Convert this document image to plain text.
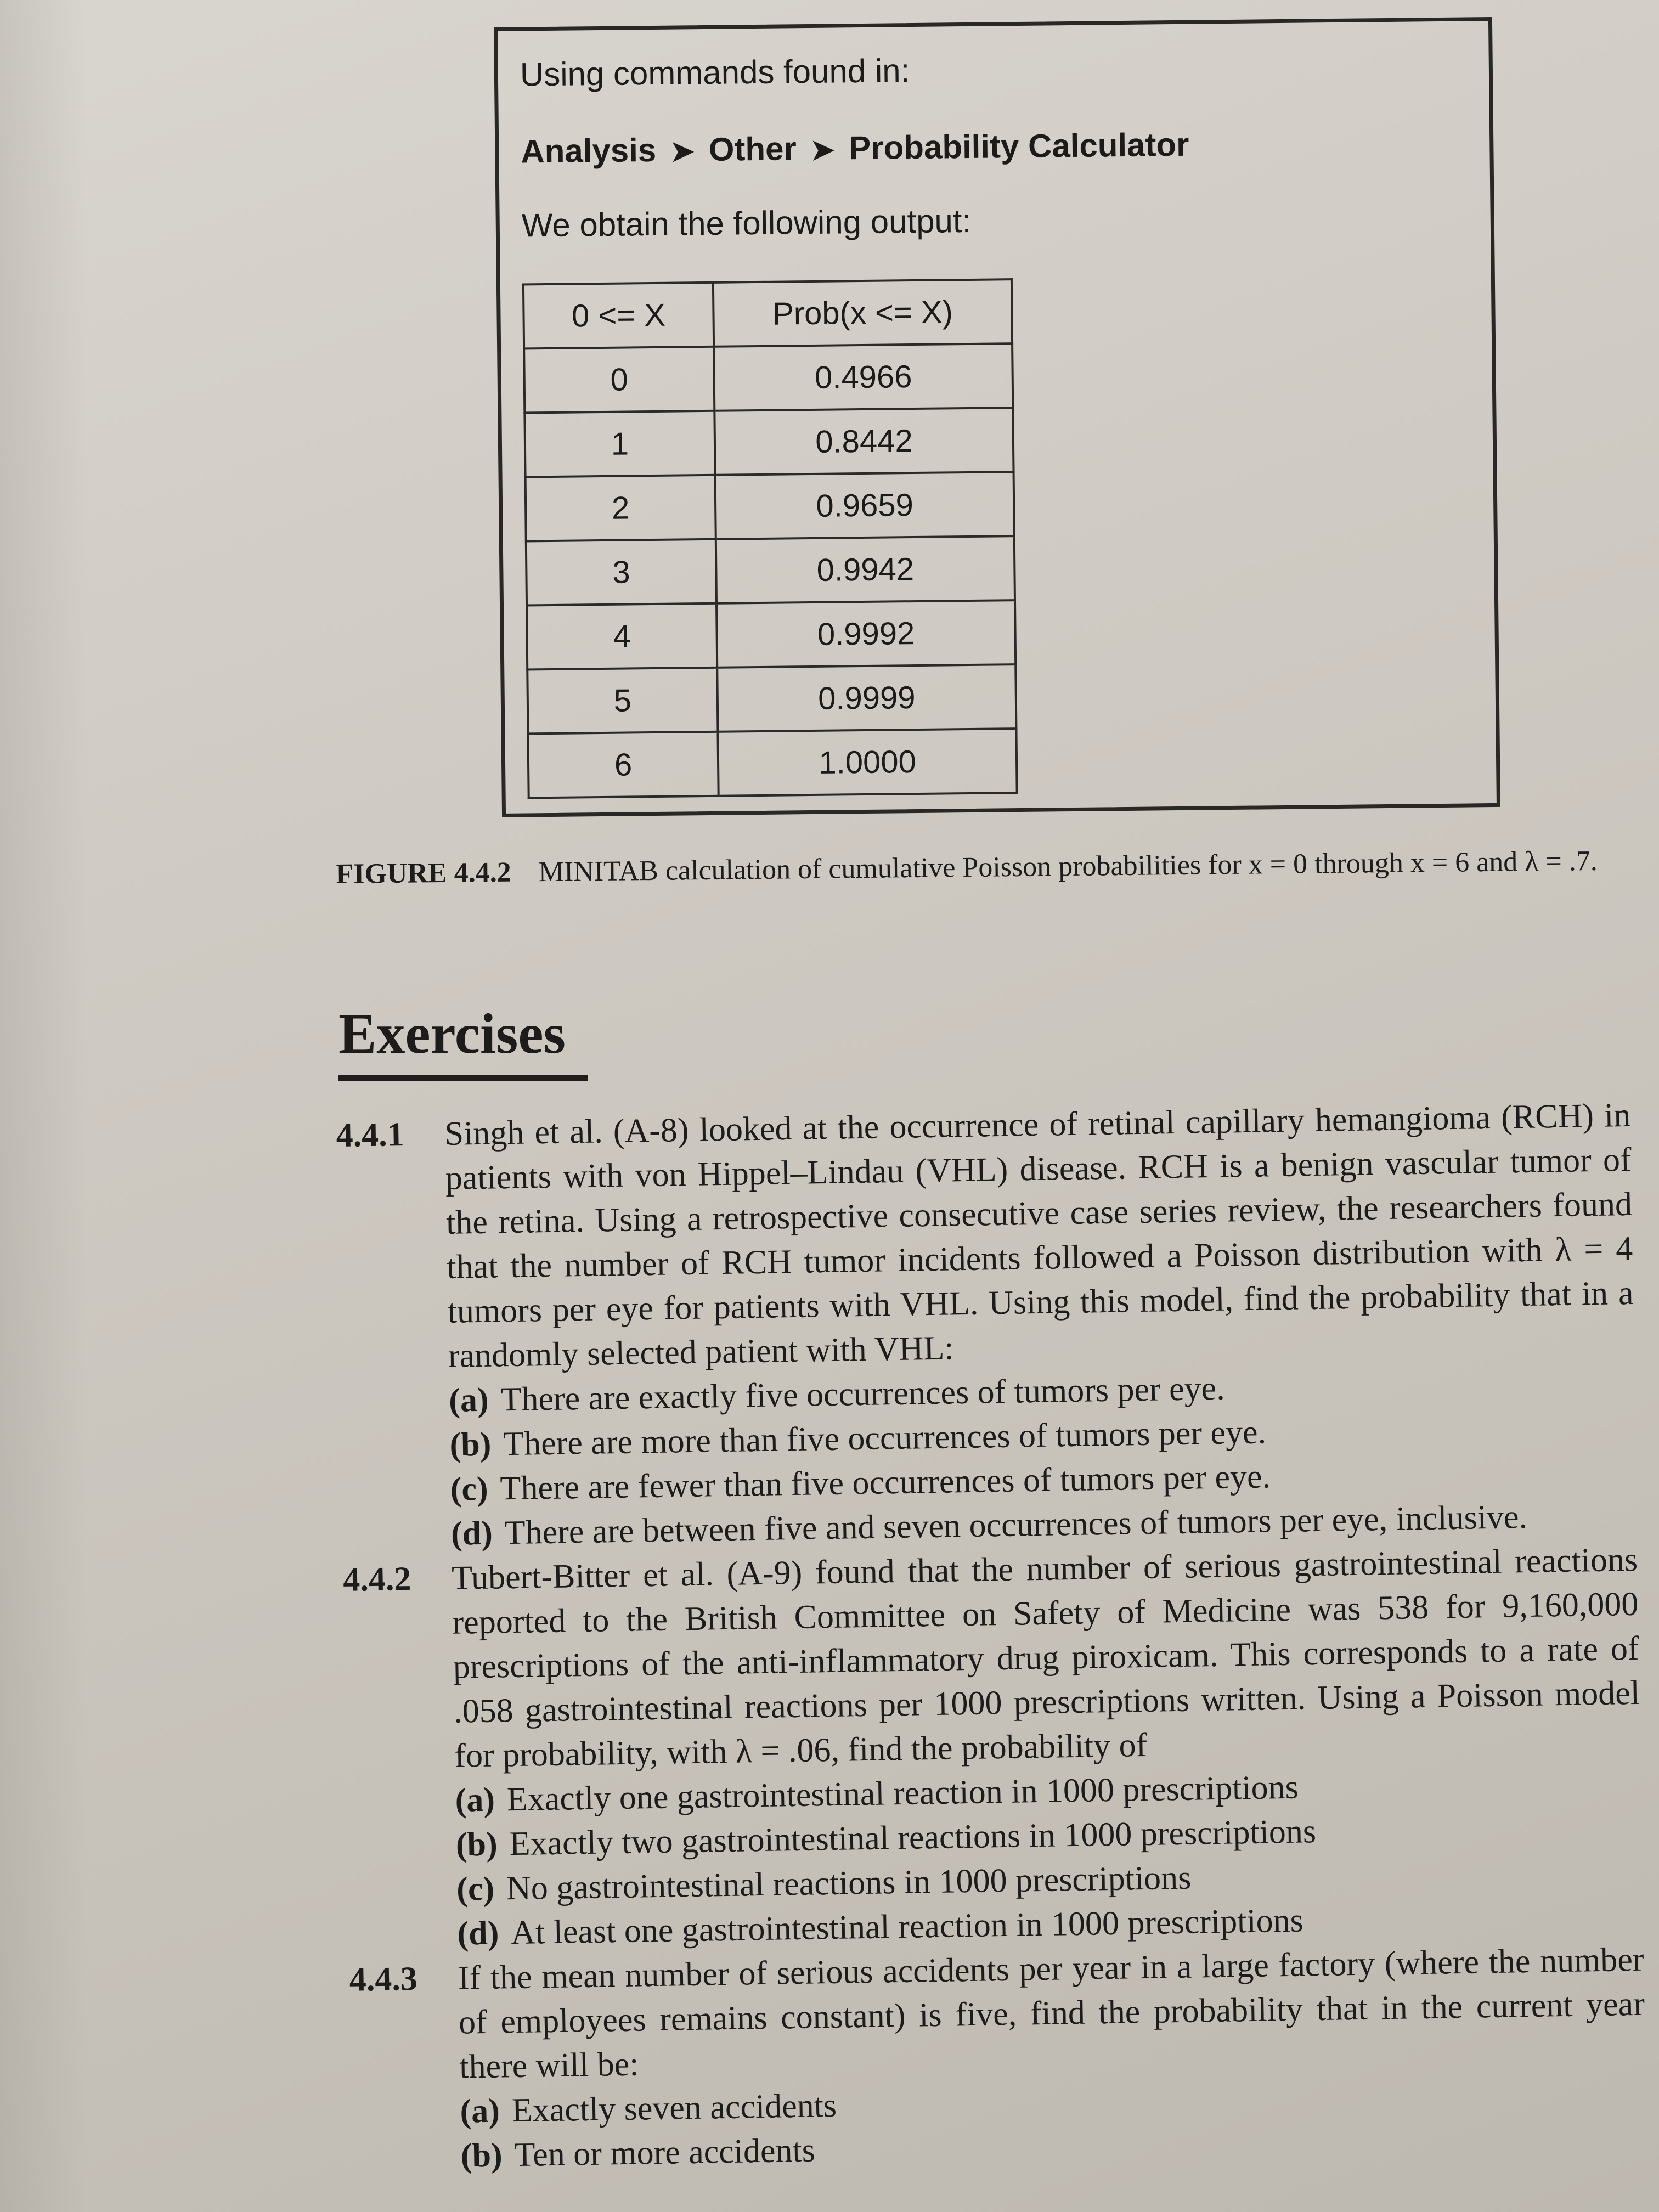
Using commands found in:
Analysis ➤ Other ➤ Probability Calculator
We obtain the following output:
0 <= X	Prob(x <= X)
0	0.4966
1	0.8442
2	0.9659
3	0.9942
4	0.9992
5	0.9999
6	1.0000
FIGURE 4.4.2 MINITAB calculation of cumulative Poisson probabilities for x = 0 through x = 6 and λ = .7.
Exercises
4.4.1 Singh et al. (A-8) looked at the occurrence of retinal capillary hemangioma (RCH) in patients with von Hippel–Lindau (VHL) disease. RCH is a benign vascular tumor of the retina. Using a retrospective consecutive case series review, the researchers found that the number of RCH tumor incidents followed a Poisson distribution with λ = 4 tumors per eye for patients with VHL. Using this model, find the probability that in a randomly selected patient with VHL:
(a) There are exactly five occurrences of tumors per eye.
(b) There are more than five occurrences of tumors per eye.
(c) There are fewer than five occurrences of tumors per eye.
(d) There are between five and seven occurrences of tumors per eye, inclusive.
4.4.2 Tubert-Bitter et al. (A-9) found that the number of serious gastrointestinal reactions reported to the British Committee on Safety of Medicine was 538 for 9,160,000 prescriptions of the anti-inflammatory drug piroxicam. This corresponds to a rate of .058 gastrointestinal reactions per 1000 prescriptions written. Using a Poisson model for probability, with λ = .06, find the probability of
(a) Exactly one gastrointestinal reaction in 1000 prescriptions
(b) Exactly two gastrointestinal reactions in 1000 prescriptions
(c) No gastrointestinal reactions in 1000 prescriptions
(d) At least one gastrointestinal reaction in 1000 prescriptions
4.4.3 If the mean number of serious accidents per year in a large factory (where the number of employees remains constant) is five, find the probability that in the current year there will be:
(a) Exactly seven accidents
(b) Ten or more accidents
